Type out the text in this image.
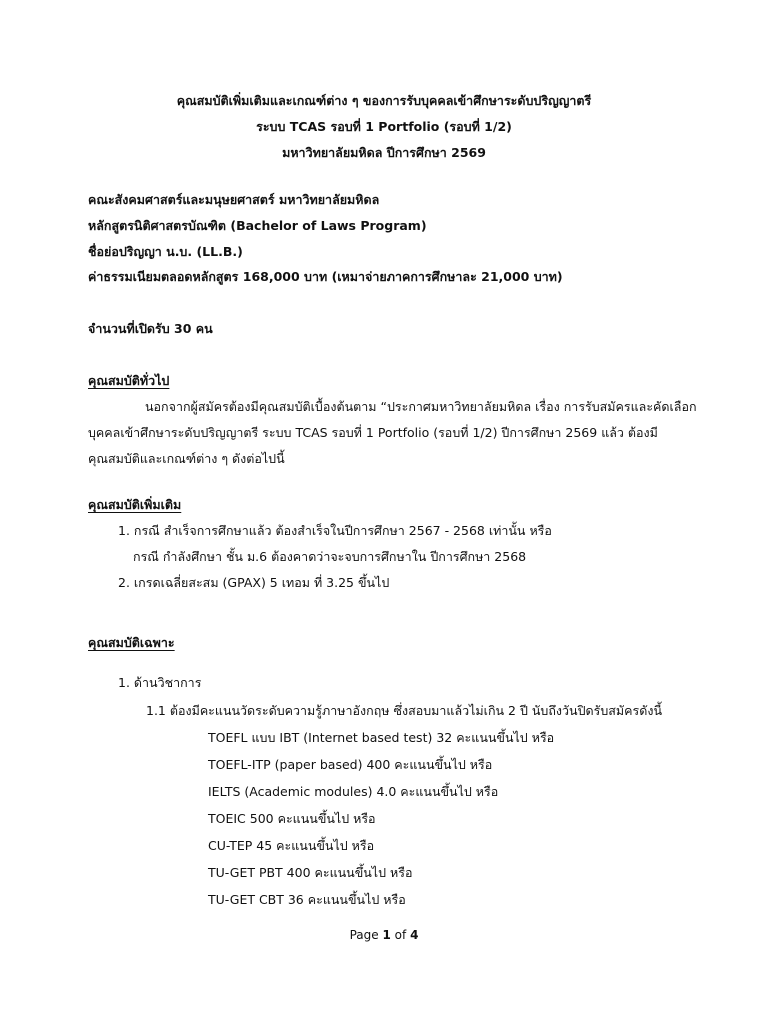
คุณสมบัติเพิ่มเติมและเกณฑ์ต่าง ๆ ของการรับบุคคลเข้าศึกษาระดับปริญญาตรี
ระบบ TCAS รอบที่ 1 Portfolio (รอบที่ 1/2)
มหาวิทยาลัยมหิดล ปีการศึกษา 2569
คณะสังคมศาสตร์และมนุษยศาสตร์ มหาวิทยาลัยมหิดล
หลักสูตรนิติศาสตรบัณฑิต (Bachelor of Laws Program)
ชื่อย่อปริญญา น.บ. (LL.B.)
ค่าธรรมเนียมตลอดหลักสูตร 168,000 บาท (เหมาจ่ายภาคการศึกษาละ 21,000 บาท)
จำนวนที่เปิดรับ 30 คน
คุณสมบัติทั่วไป
นอกจากผู้สมัครต้องมีคุณสมบัติเบื้องต้นตาม “ประกาศมหาวิทยาลัยมหิดล เรื่อง การรับสมัครและคัดเลือก
บุคคลเข้าศึกษาระดับปริญญาตรี ระบบ TCAS รอบที่ 1 Portfolio (รอบที่ 1/2) ปีการศึกษา 2569 แล้ว ต้องมี
คุณสมบัติและเกณฑ์ต่าง ๆ ดังต่อไปนี้
คุณสมบัติเพิ่มเติม
1. กรณี สำเร็จการศึกษาแล้ว ต้องสำเร็จในปีการศึกษา 2567 - 2568 เท่านั้น หรือ
กรณี กำลังศึกษา ชั้น ม.6 ต้องคาดว่าจะจบการศึกษาใน ปีการศึกษา 2568
2. เกรดเฉลี่ยสะสม (GPAX) 5 เทอม ที่ 3.25 ขึ้นไป
คุณสมบัติเฉพาะ
1. ด้านวิชาการ
1.1 ต้องมีคะแนนวัดระดับความรู้ภาษาอังกฤษ ซึ่งสอบมาแล้วไม่เกิน 2 ปี นับถึงวันปิดรับสมัครดังนี้
TOEFL แบบ IBT (Internet based test) 32 คะแนนขึ้นไป หรือ
TOEFL-ITP (paper based) 400 คะแนนขึ้นไป หรือ
IELTS (Academic modules) 4.0 คะแนนขึ้นไป หรือ
TOEIC 500 คะแนนขึ้นไป หรือ
CU-TEP 45 คะแนนขึ้นไป หรือ
TU-GET PBT 400 คะแนนขึ้นไป หรือ
TU-GET CBT 36 คะแนนขึ้นไป หรือ
Page 1 of 4
